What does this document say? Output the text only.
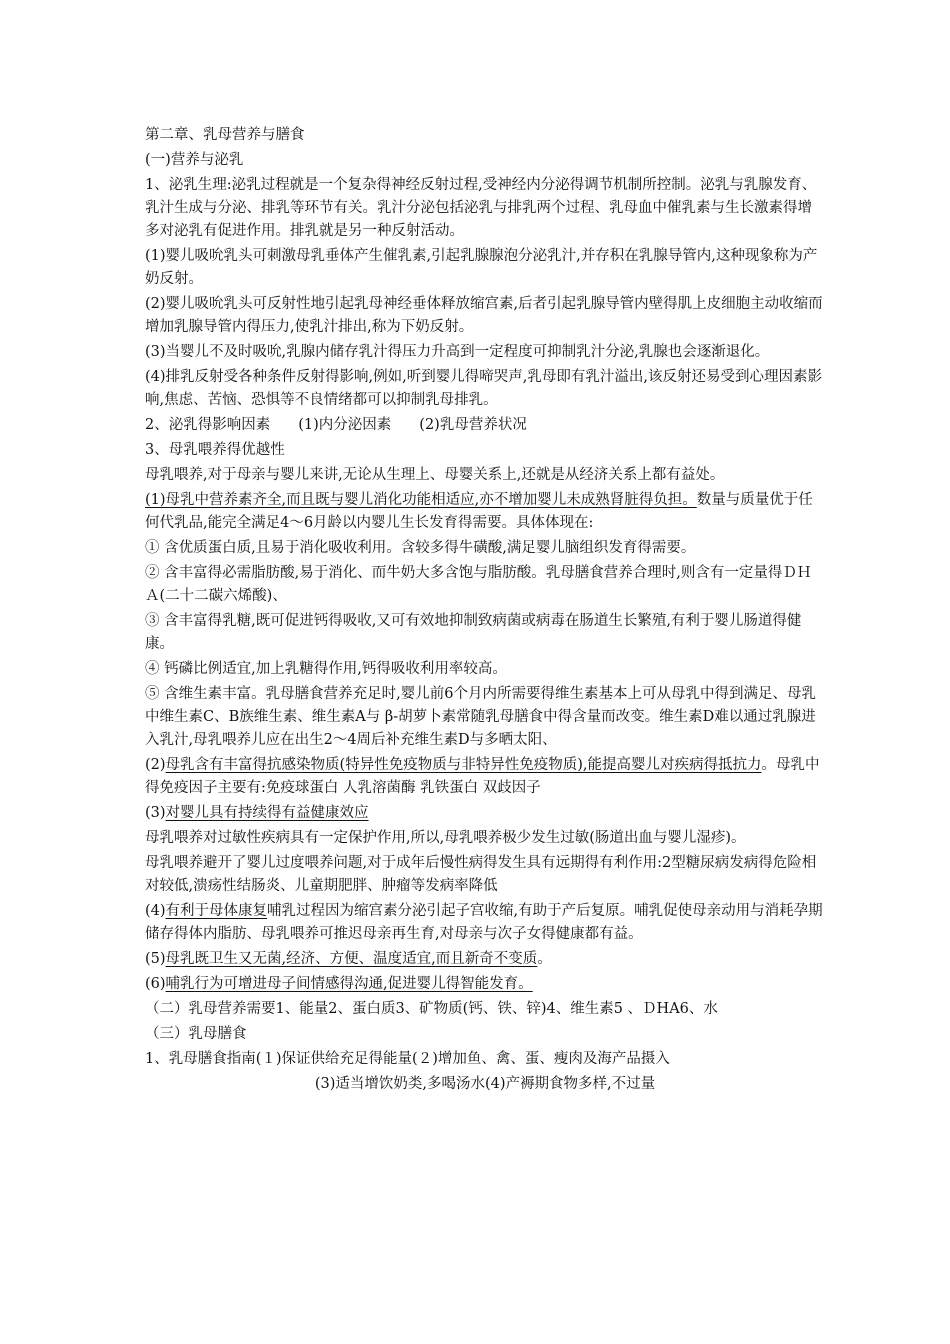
第二章、乳母营养与膳食

(一)营养与泌乳

1、泌乳生理:泌乳过程就是一个复杂得神经反射过程,受神经内分泌得调节机制所控制。泌乳与乳腺发育、乳汁生成与分泌、排乳等环节有关。乳汁分泌包括泌乳与排乳两个过程、乳母血中催乳素与生长激素得增多对泌乳有促进作用。排乳就是另一种反射活动。

(1)婴儿吸吮乳头可刺激母乳垂体产生催乳素,引起乳腺腺泡分泌乳汁,并存积在乳腺导管内,这种现象称为产奶反射。

(2)婴儿吸吮乳头可反射性地引起乳母神经垂体释放缩宫素,后者引起乳腺导管内壁得肌上皮细胞主动收缩而增加乳腺导管内得压力,使乳汁排出,称为下奶反射。

(3)当婴儿不及时吸吮,乳腺内储存乳汁得压力升高到一定程度可抑制乳汁分泌,乳腺也会逐渐退化。

(4)排乳反射受各种条件反射得影响,例如,听到婴儿得啼哭声,乳母即有乳汁溢出,该反射还易受到心理因素影响,焦虑、苦恼、恐惧等不良情绪都可以抑制乳母排乳。

2、泌乳得影响因素 (1)内分泌因素 (2)乳母营养状况

3、母乳喂养得优越性

母乳喂养,对于母亲与婴儿来讲,无论从生理上、母婴关系上,还就是从经济关系上都有益处。

(1)母乳中营养素齐全,而且既与婴儿消化功能相适应,亦不增加婴儿未成熟肾脏得负担。数量与质量优于任何代乳品,能完全满足4～6月龄以内婴儿生长发育得需要。具体体现在:

① 含优质蛋白质,且易于消化吸收利用。含较多得牛磺酸,满足婴儿脑组织发育得需要。

② 含丰富得必需脂肪酸,易于消化、而牛奶大多含饱与脂肪酸。乳母膳食营养合理时,则含有一定量得ＤＨＡ(二十二碳六烯酸)、

③ 含丰富得乳糖,既可促进钙得吸收,又可有效地抑制致病菌或病毒在肠道生长繁殖,有利于婴儿肠道得健康。

④ 钙磷比例适宜,加上乳糖得作用,钙得吸收利用率较高。

⑤ 含维生素丰富。乳母膳食营养充足时,婴儿前6个月内所需要得维生素基本上可从母乳中得到满足、母乳中维生素C、B族维生素、维生素A与 β-胡萝卜素常随乳母膳食中得含量而改变。维生素D难以通过乳腺进入乳汁,母乳喂养儿应在出生2～4周后补充维生素D与多晒太阳、

(2)母乳含有丰富得抗感染物质(特异性免疫物质与非特异性免疫物质),能提高婴儿对疾病得抵抗力。母乳中得免疫因子主要有:免疫球蛋白 人乳溶菌酶 乳铁蛋白 双歧因子

(3)对婴儿具有持续得有益健康效应

母乳喂养对过敏性疾病具有一定保护作用,所以,母乳喂养极少发生过敏(肠道出血与婴儿湿疹)。

母乳喂养避开了婴儿过度喂养问题,对于成年后慢性病得发生具有远期得有利作用:2型糖尿病发病得危险相对较低,溃疡性结肠炎、儿童期肥胖、肿瘤等发病率降低

(4)有利于母体康复哺乳过程因为缩宫素分泌引起子宫收缩,有助于产后复原。哺乳促使母亲动用与消耗孕期储存得体内脂肪、母乳喂养可推迟母亲再生育,对母亲与次子女得健康都有益。

(5)母乳既卫生又无菌,经济、方便、温度适宜,而且新奇不变质。

(6)哺乳行为可增进母子间情感得沟通,促进婴儿得智能发育。

（二）乳母营养需要1、能量2、蛋白质3、矿物质(钙、铁、锌)4、维生素5 、ＤHA6、水

（三）乳母膳食

1、乳母膳食指南(１)保证供给充足得能量(２)增加鱼、禽、蛋、瘦肉及海产品摄入

(3)适当增饮奶类,多喝汤水(4)产褥期食物多样,不过量
